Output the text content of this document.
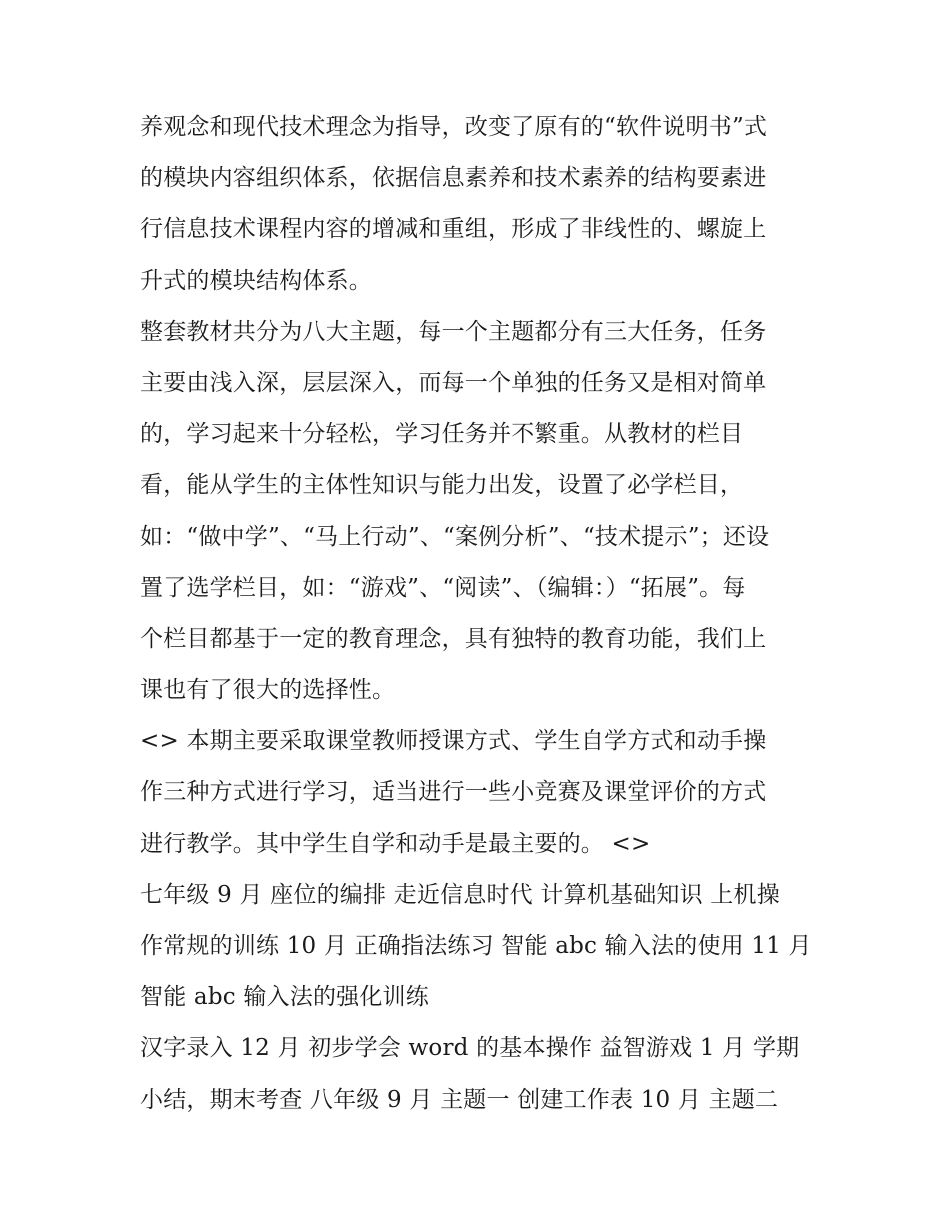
养观念和现代技术理念为指导，改变了原有的“软件说明书”式
的模块内容组织体系，依据信息素养和技术素养的结构要素进
行信息技术课程内容的增减和重组，形成了非线性的、螺旋上
升式的模块结构体系。
整套教材共分为八大主题，每一个主题都分有三大任务，任务
主要由浅入深，层层深入，而每一个单独的任务又是相对简单
的，学习起来十分轻松，学习任务并不繁重。从教材的栏目
看，能从学生的主体性知识与能力出发，设置了必学栏目，
如：“做中学”、“马上行动”、“案例分析”、“技术提示”；还设
置了选学栏目，如：“游戏”、“阅读”、（编辑：）“拓展”。每
个栏目都基于一定的教育理念，具有独特的教育功能，我们上
课也有了很大的选择性。
<> 本期主要采取课堂教师授课方式、学生自学方式和动手操
作三种方式进行学习，适当进行一些小竞赛及课堂评价的方式
进行教学。其中学生自学和动手是最主要的。 <>
七年级 9 月 座位的编排 走近信息时代 计算机基础知识 上机操
作常规的训练 10 月 正确指法练习 智能 abc 输入法的使用 11 月
智能 abc 输入法的强化训练
汉字录入 12 月 初步学会 word 的基本操作 益智游戏 1 月 学期
小结，期末考查 八年级 9 月 主题一 创建工作表 10 月 主题二
